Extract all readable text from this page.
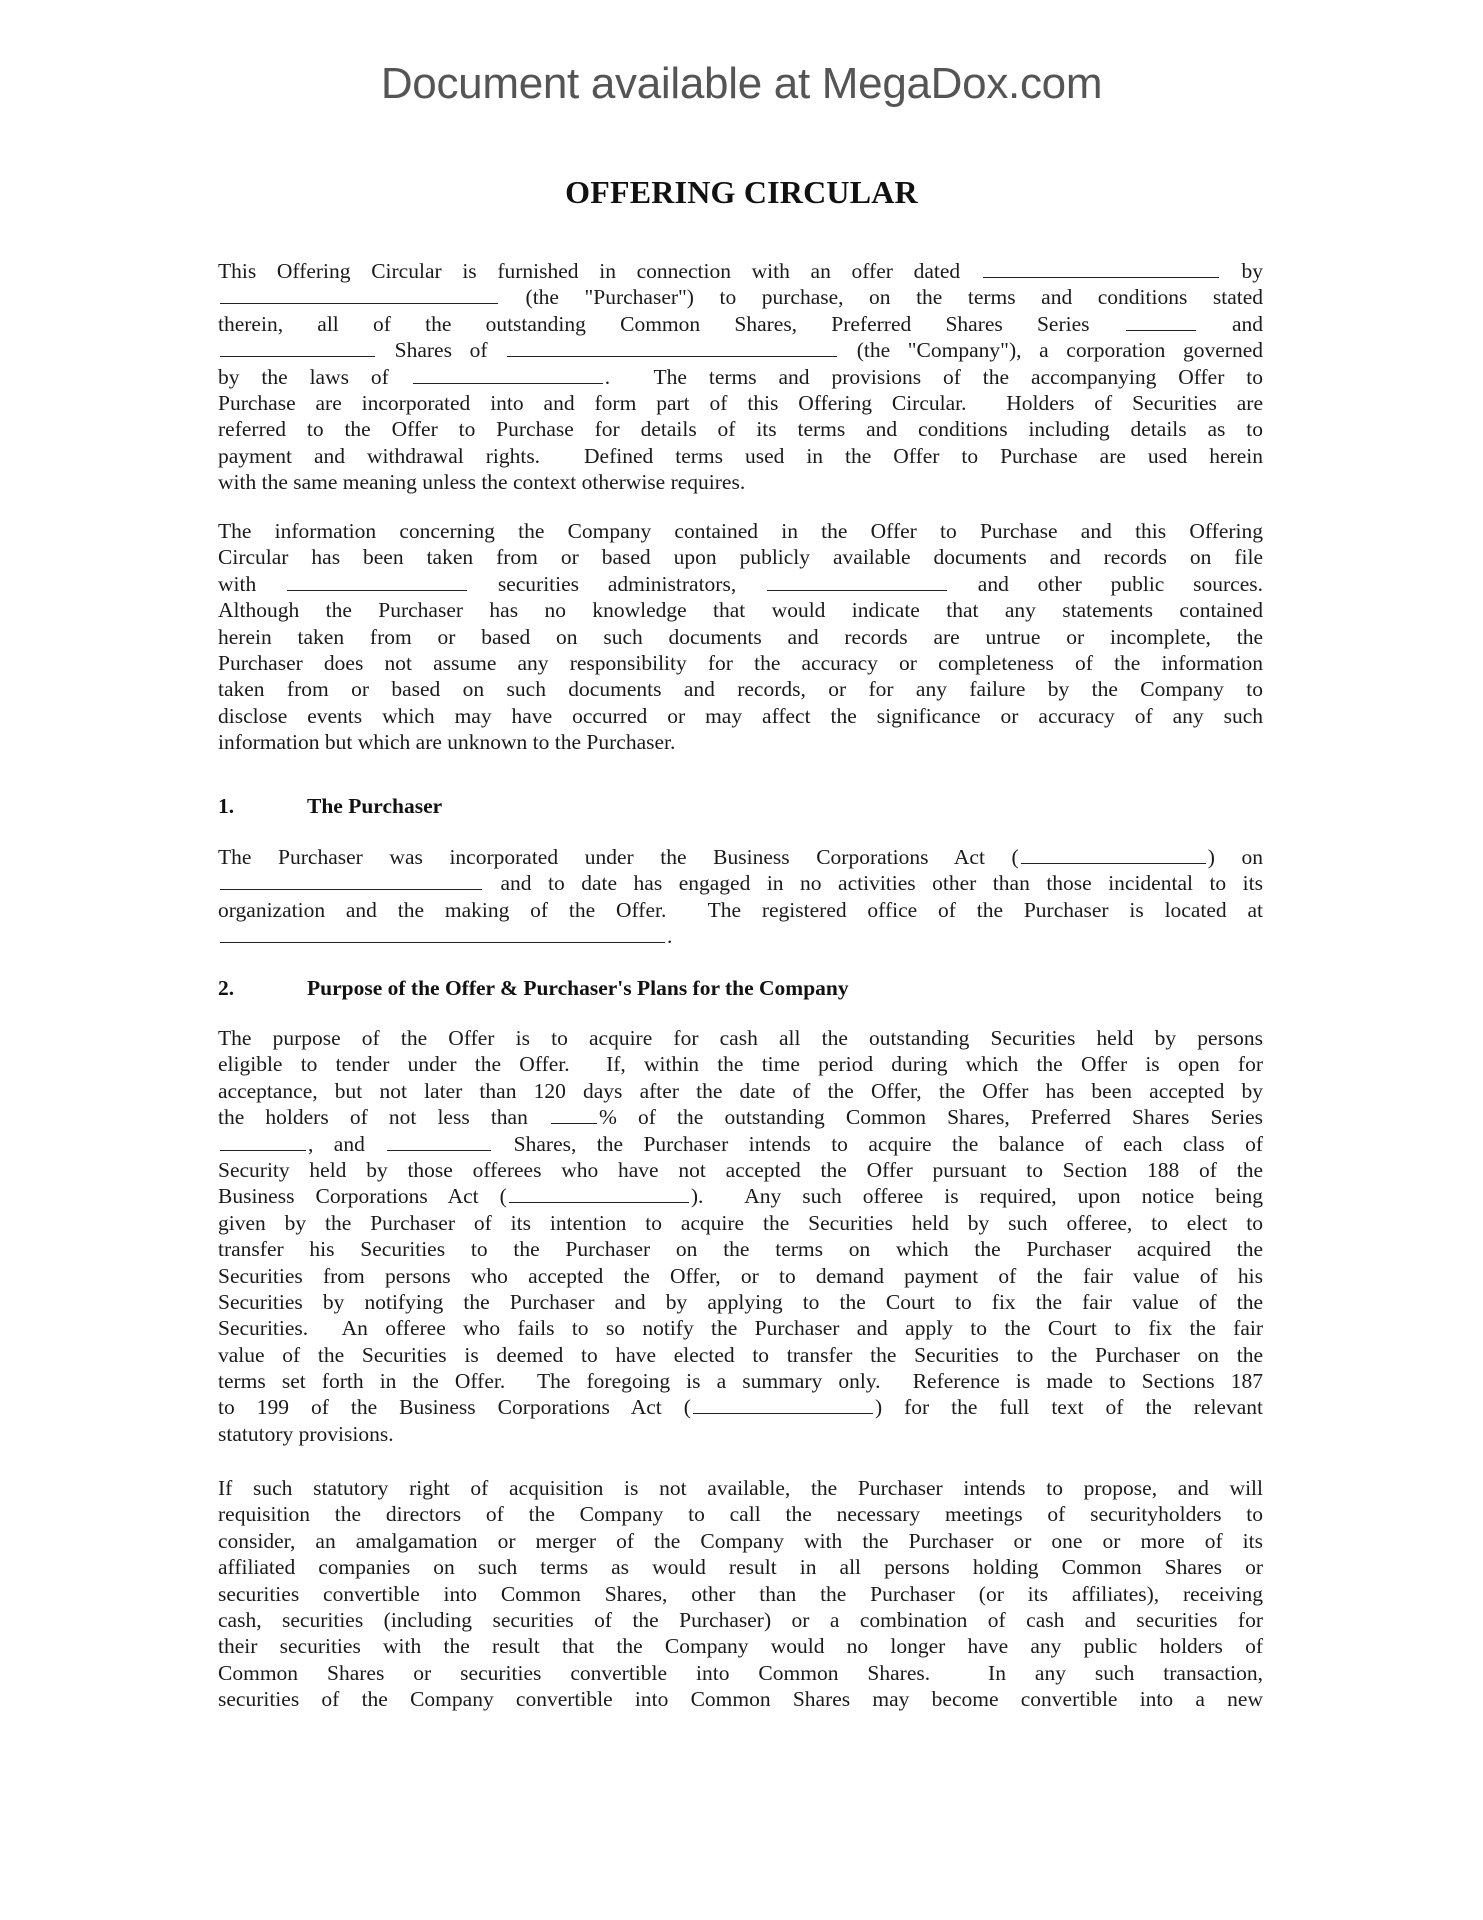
Document available at MegaDox.com
OFFERING CIRCULAR
1.	The Purchaser
2.	Purpose of the Offer & Purchaser's Plans for the Company
This Offering Circular is furnished in connection with an offer dated	by
(the "Purchaser") to purchase, on the terms and conditions stated
therein, all of the outstanding Common Shares, Preferred Shares Series	and
Shares of	(the "Company"), a corporation governed
by the laws of	.  The terms and provisions of the accompanying Offer to
Purchase are incorporated into and form part of this Offering Circular.  Holders of Securities are
referred to the Offer to Purchase for details of its terms and conditions including details as to
payment and withdrawal rights.  Defined terms used in the Offer to Purchase are used herein
with the same meaning unless the context otherwise requires.
The information concerning the Company contained in the Offer to Purchase and this Offering
Circular has been taken from or based upon publicly available documents and records on file
with	securities administrators,	and other public sources.
Although the Purchaser has no knowledge that would indicate that any statements contained
herein taken from or based on such documents and records are untrue or incomplete, the
Purchaser does not assume any responsibility for the accuracy or completeness of the information
taken from or based on such documents and records, or for any failure by the Company to
disclose events which may have occurred or may affect the significance or accuracy of any such
information but which are unknown to the Purchaser.
The Purchaser was incorporated under the Business Corporations Act (	) on
and to date has engaged in no activities other than those incidental to its
organization and the making of the Offer.  The registered office of the Purchaser is located at
.
The purpose of the Offer is to acquire for cash all the outstanding Securities held by persons
eligible to tender under the Offer.  If, within the time period during which the Offer is open for
acceptance, but not later than 120 days after the date of the Offer, the Offer has been accepted by
the holders of not less than % of the outstanding Common Shares, Preferred Shares Series
, and	Shares, the Purchaser intends to acquire the balance of each class of
Security held by those offerees who have not accepted the Offer pursuant to Section 188 of the
Business Corporations Act (	).  Any such offeree is required, upon notice being
given by the Purchaser of its intention to acquire the Securities held by such offeree, to elect to
transfer his Securities to the Purchaser on the terms on which the Purchaser acquired the
Securities from persons who accepted the Offer, or to demand payment of the fair value of his
Securities by notifying the Purchaser and by applying to the Court to fix the fair value of the
Securities.  An offeree who fails to so notify the Purchaser and apply to the Court to fix the fair
value of the Securities is deemed to have elected to transfer the Securities to the Purchaser on the
terms set forth in the Offer.  The foregoing is a summary only.  Reference is made to Sections 187
to 199 of the Business Corporations Act (	) for the full text of the relevant
statutory provisions.
If such statutory right of acquisition is not available, the Purchaser intends to propose, and will
requisition the directors of the Company to call the necessary meetings of securityholders to
consider, an amalgamation or merger of the Company with the Purchaser or one or more of its
affiliated companies on such terms as would result in all persons holding Common Shares or
securities convertible into Common Shares, other than the Purchaser (or its affiliates), receiving
cash, securities (including securities of the Purchaser) or a combination of cash and securities for
their securities with the result that the Company would no longer have any public holders of
Common Shares or securities convertible into Common Shares.  In any such transaction,
securities of the Company convertible into Common Shares may become convertible into a new
